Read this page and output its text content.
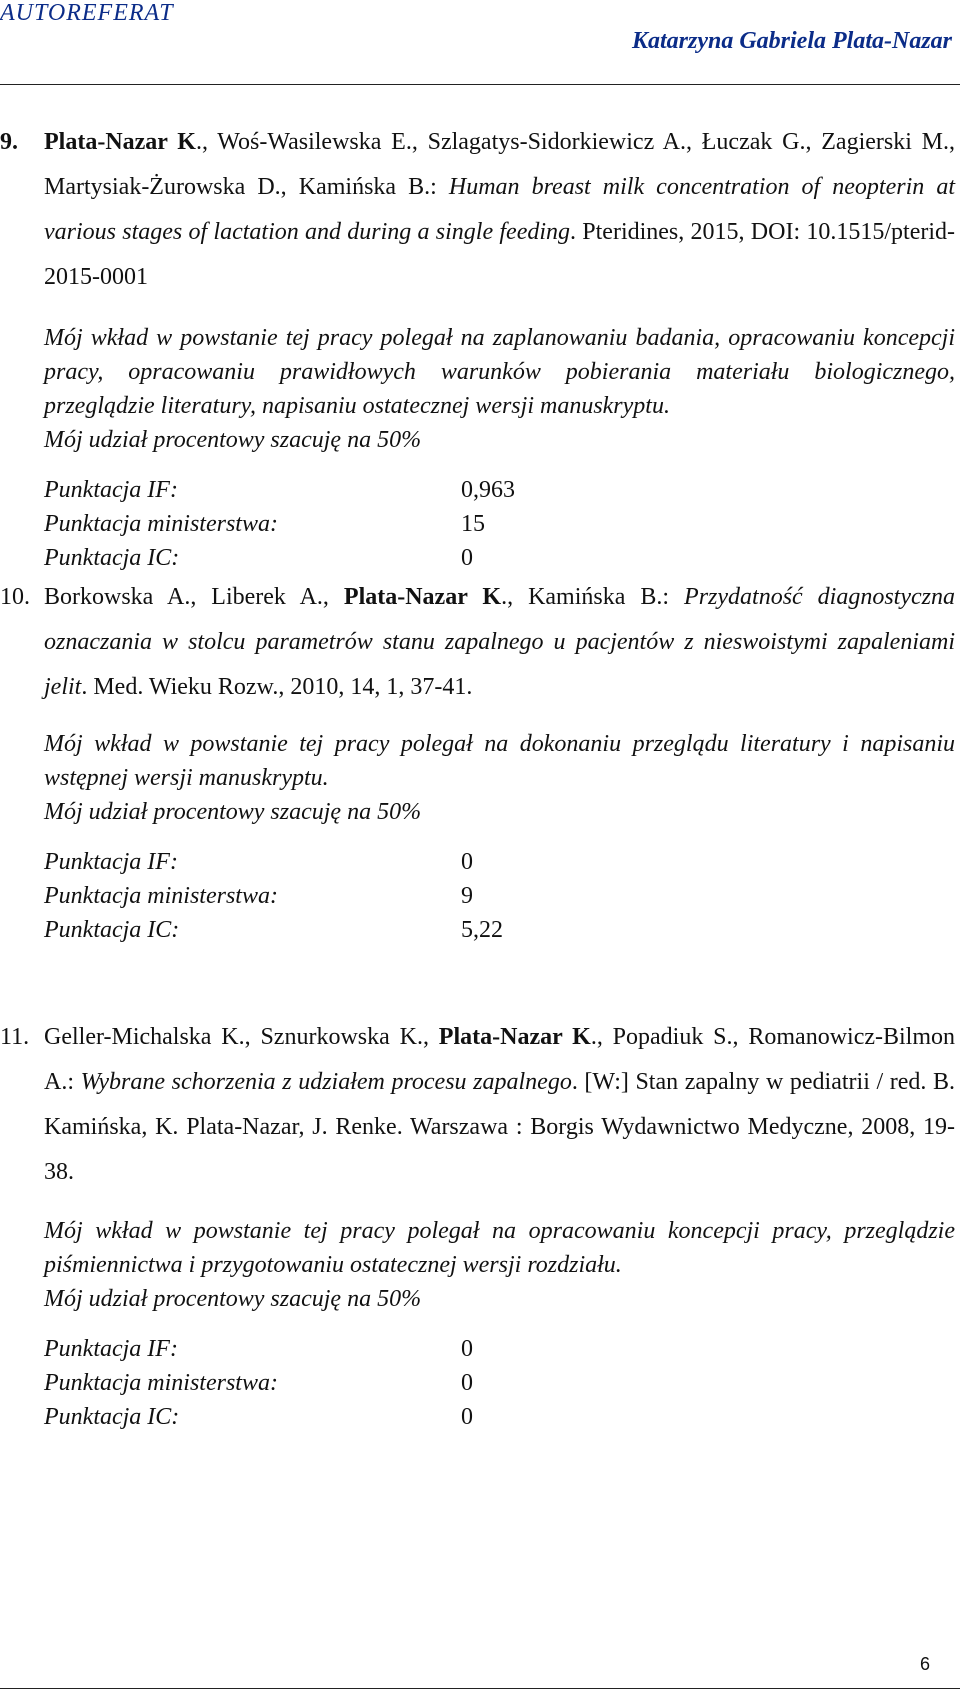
AUTOREFERAT
Katarzyna Gabriela Plata-Nazar
9. Plata-Nazar K., Woś-Wasilewska E., Szlagatys-Sidorkiewicz A., Łuczak G., Zagierski M., Martysiak-Żurowska D., Kamińska B.: Human breast milk concentration of neopterin at various stages of lactation and during a single feeding. Pteridines, 2015, DOI: 10.1515/pterid-2015-0001
Mój wkład w powstanie tej pracy polegał na zaplanowaniu badania, opracowaniu koncepcji pracy, opracowaniu prawidłowych warunków pobierania materiału biologicznego, przeglądzie literatury, napisaniu ostatecznej wersji manuskryptu.
Mój udział procentowy szacuję na 50%
Punktacja IF:	0,963
Punktacja ministerstwa:	15
Punktacja IC:	0
10. Borkowska A., Liberek A., Plata-Nazar K., Kamińska B.: Przydatność diagnostyczna oznaczania w stolcu parametrów stanu zapalnego u pacjentów z nieswoistymi zapaleniami jelit. Med. Wieku Rozw., 2010, 14, 1, 37-41.
Mój wkład w powstanie tej pracy polegał na dokonaniu przeglądu literatury i napisaniu wstępnej wersji manuskryptu.
Mój udział procentowy szacuję na 50%
Punktacja IF:	0
Punktacja ministerstwa:	9
Punktacja IC:	5,22
11. Geller-Michalska K., Sznurkowska K., Plata-Nazar K., Popadiuk S., Romanowicz-Bilmon A.: Wybrane schorzenia z udziałem procesu zapalnego. [W:] Stan zapalny w pediatrii / red. B. Kamińska, K. Plata-Nazar, J. Renke. Warszawa : Borgis Wydawnictwo Medyczne, 2008, 19-38.
Mój wkład w powstanie tej pracy polegał na opracowaniu koncepcji pracy, przeglądzie piśmiennictwa i przygotowaniu ostatecznej wersji rozdziału.
Mój udział procentowy szacuję na 50%
Punktacja IF:	0
Punktacja ministerstwa:	0
Punktacja IC:	0
6
